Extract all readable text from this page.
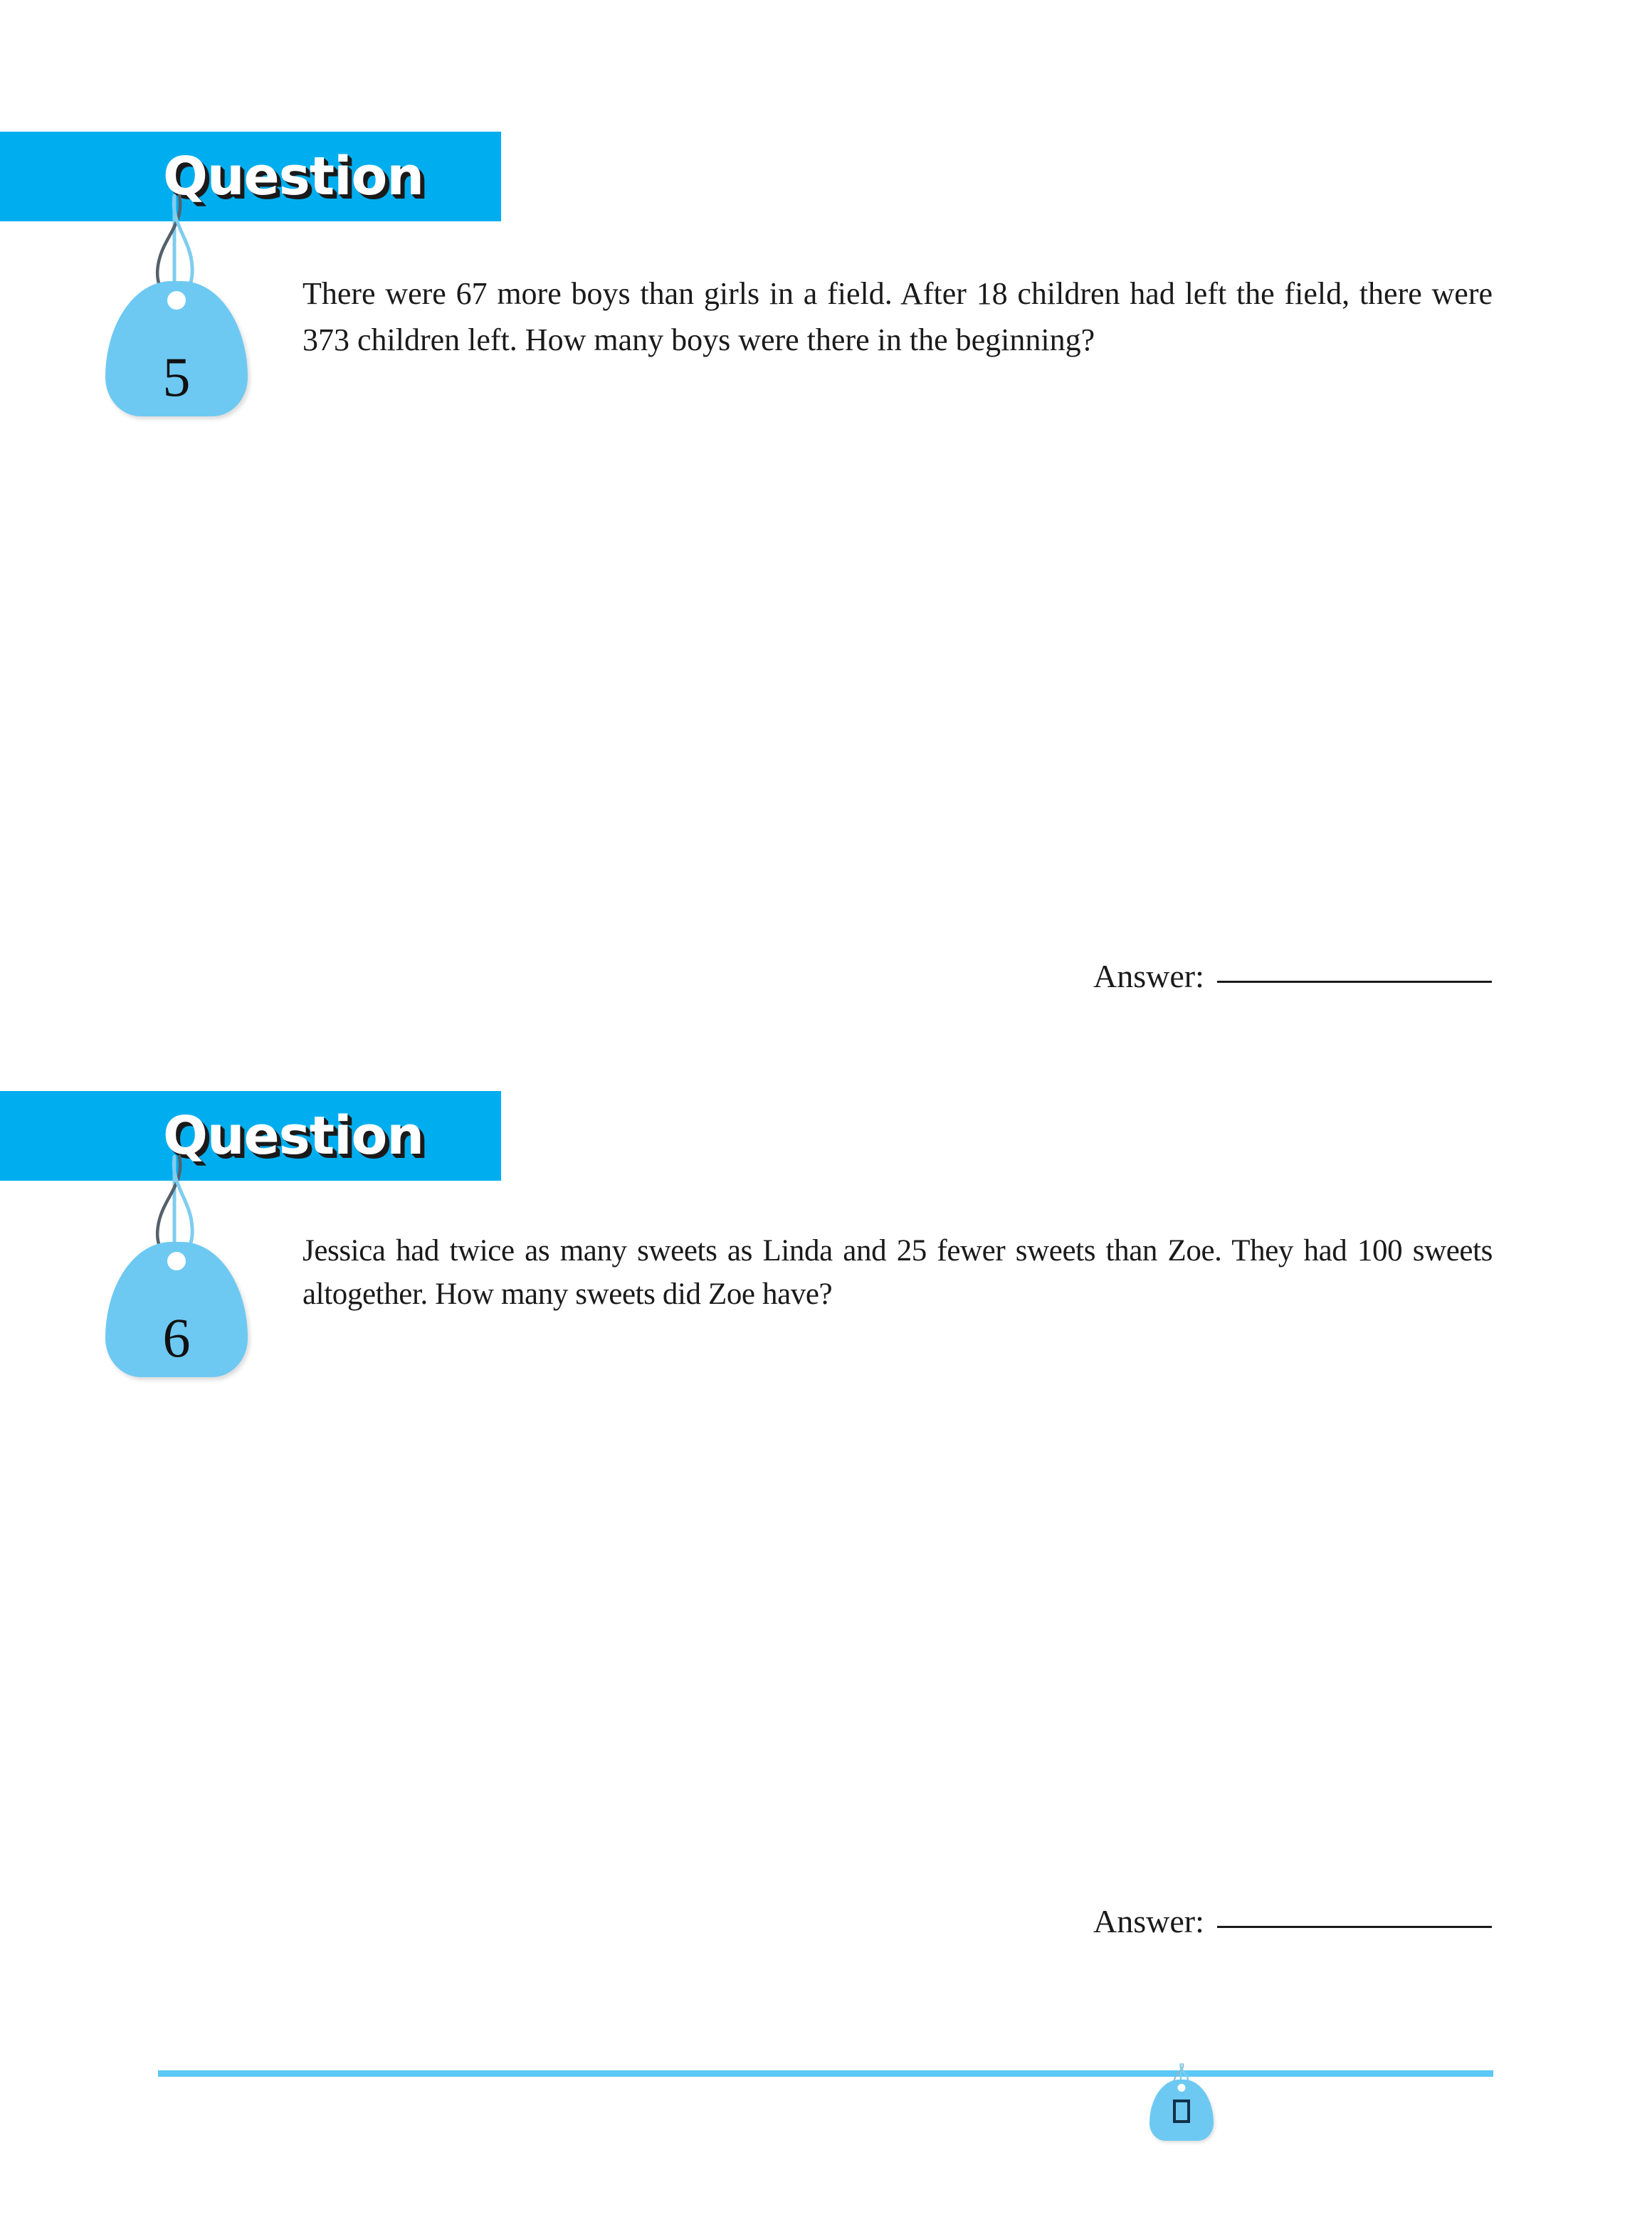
Question
5
There were 67 more boys than girls in a field. After 18 children had left the field, there were 373 children left. How many boys were there in the beginning?
Answer:
Question
6
Jessica had twice as many sweets as Linda and 25 fewer sweets than Zoe. They had 100 sweets altogether. How many sweets did Zoe have?
Answer:
